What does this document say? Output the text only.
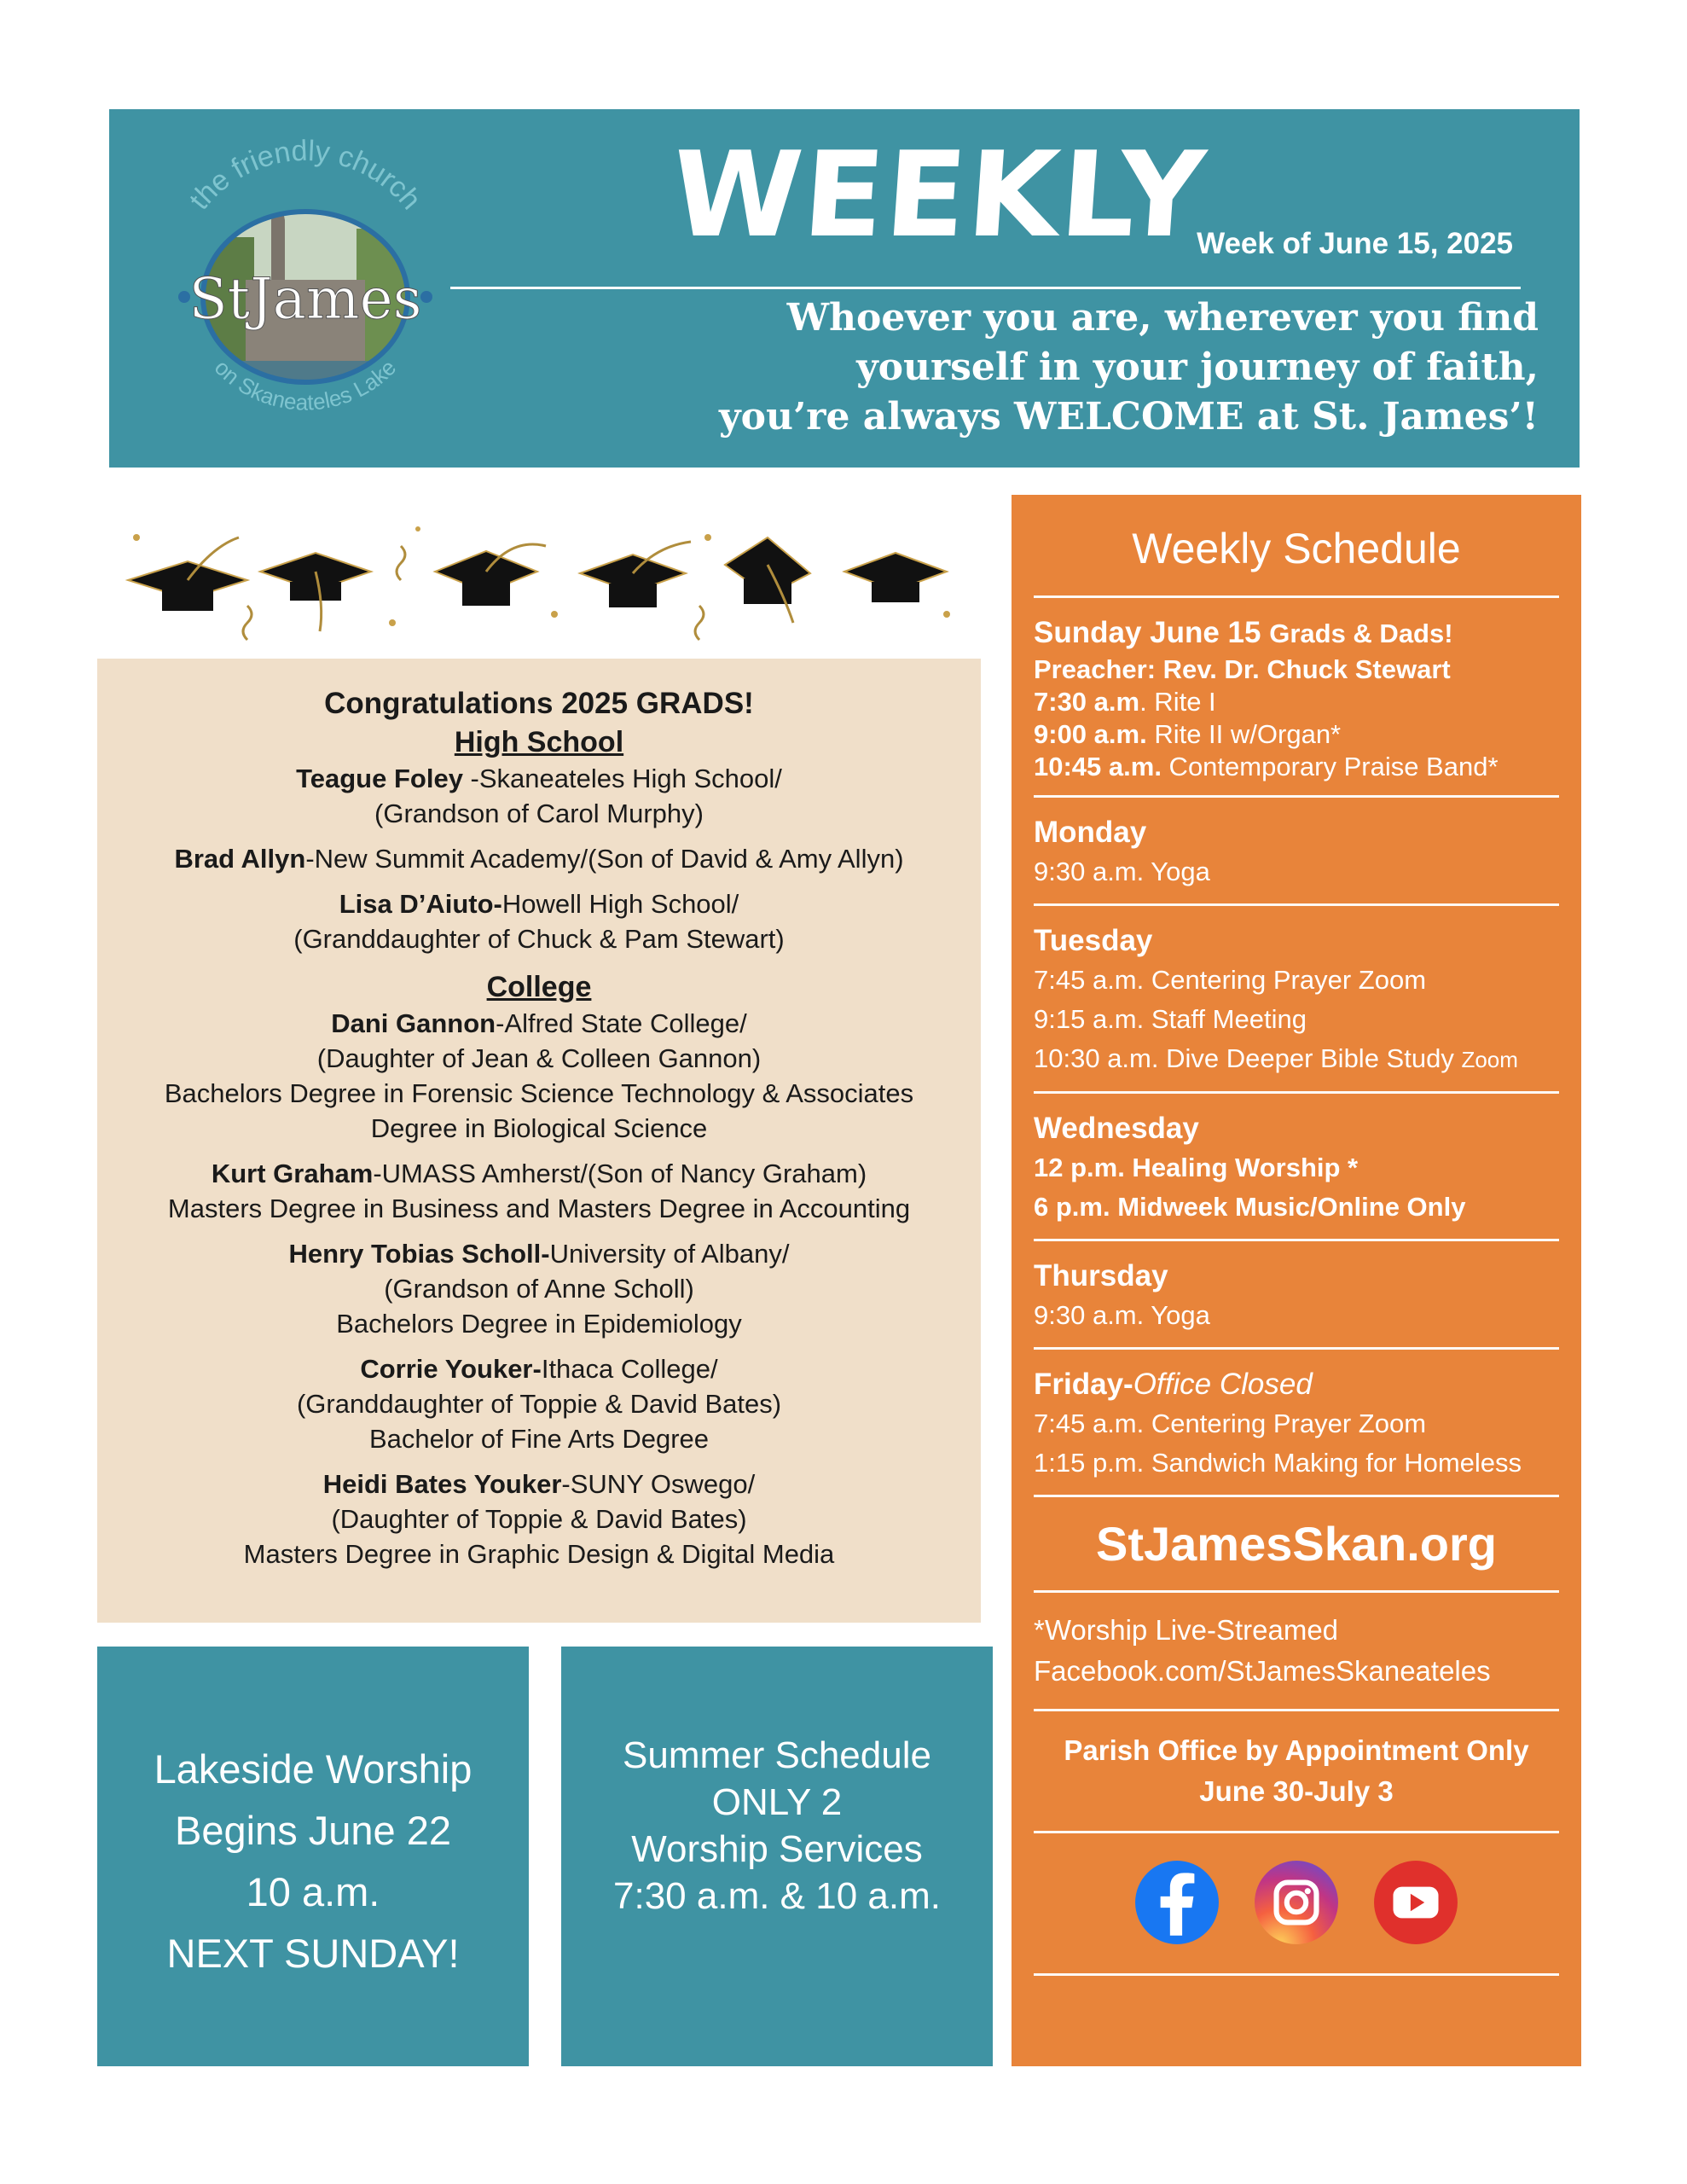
the friendly church
on Skaneateles Lake
StJames
WEEKLY
Week of June 15, 2025
Whoever you are, wherever you find
yourself in your journey of faith,
you’re always WELCOME at St. James’!
Congratulations 2025 GRADS!
High School
Teague Foley -Skaneateles High School/
(Grandson of Carol Murphy)
Brad Allyn-New Summit Academy/(Son of David & Amy Allyn)
Lisa D’Aiuto-Howell High School/
(Granddaughter of Chuck & Pam Stewart)
College
Dani Gannon-Alfred State College/
(Daughter of Jean & Colleen Gannon)
Bachelors Degree in Forensic Science Technology & Associates
Degree in Biological Science
Kurt Graham-UMASS Amherst/(Son of Nancy Graham)
Masters Degree in Business and Masters Degree in Accounting
Henry Tobias Scholl-University of Albany/
(Grandson of Anne Scholl)
Bachelors Degree in Epidemiology
Corrie Youker-Ithaca College/
(Granddaughter of Toppie & David Bates)
Bachelor of Fine Arts Degree
Heidi Bates Youker-SUNY Oswego/
(Daughter of Toppie & David Bates)
Masters Degree in Graphic Design & Digital Media
Lakeside Worship
Begins June 22
10 a.m.
NEXT SUNDAY!
Summer Schedule
ONLY 2
Worship Services
7:30 a.m. & 10 a.m.
Weekly Schedule
Sunday June 15 Grads & Dads!
Preacher: Rev. Dr. Chuck Stewart
7:30 a.m. Rite I
9:00 a.m. Rite II w/Organ*
10:45 a.m. Contemporary Praise Band*
Monday
9:30 a.m. Yoga
Tuesday
7:45 a.m. Centering Prayer Zoom
9:15 a.m. Staff Meeting
10:30 a.m. Dive Deeper Bible Study Zoom
Wednesday
12 p.m. Healing Worship *
6 p.m. Midweek Music/Online Only
Thursday
9:30 a.m. Yoga
Friday-Office Closed
7:45 a.m. Centering Prayer Zoom
1:15 p.m. Sandwich Making for Homeless
StJamesSkan.org
*Worship Live-Streamed
Facebook.com/StJamesSkaneateles
Parish Office by Appointment Only
June 30-July 3
